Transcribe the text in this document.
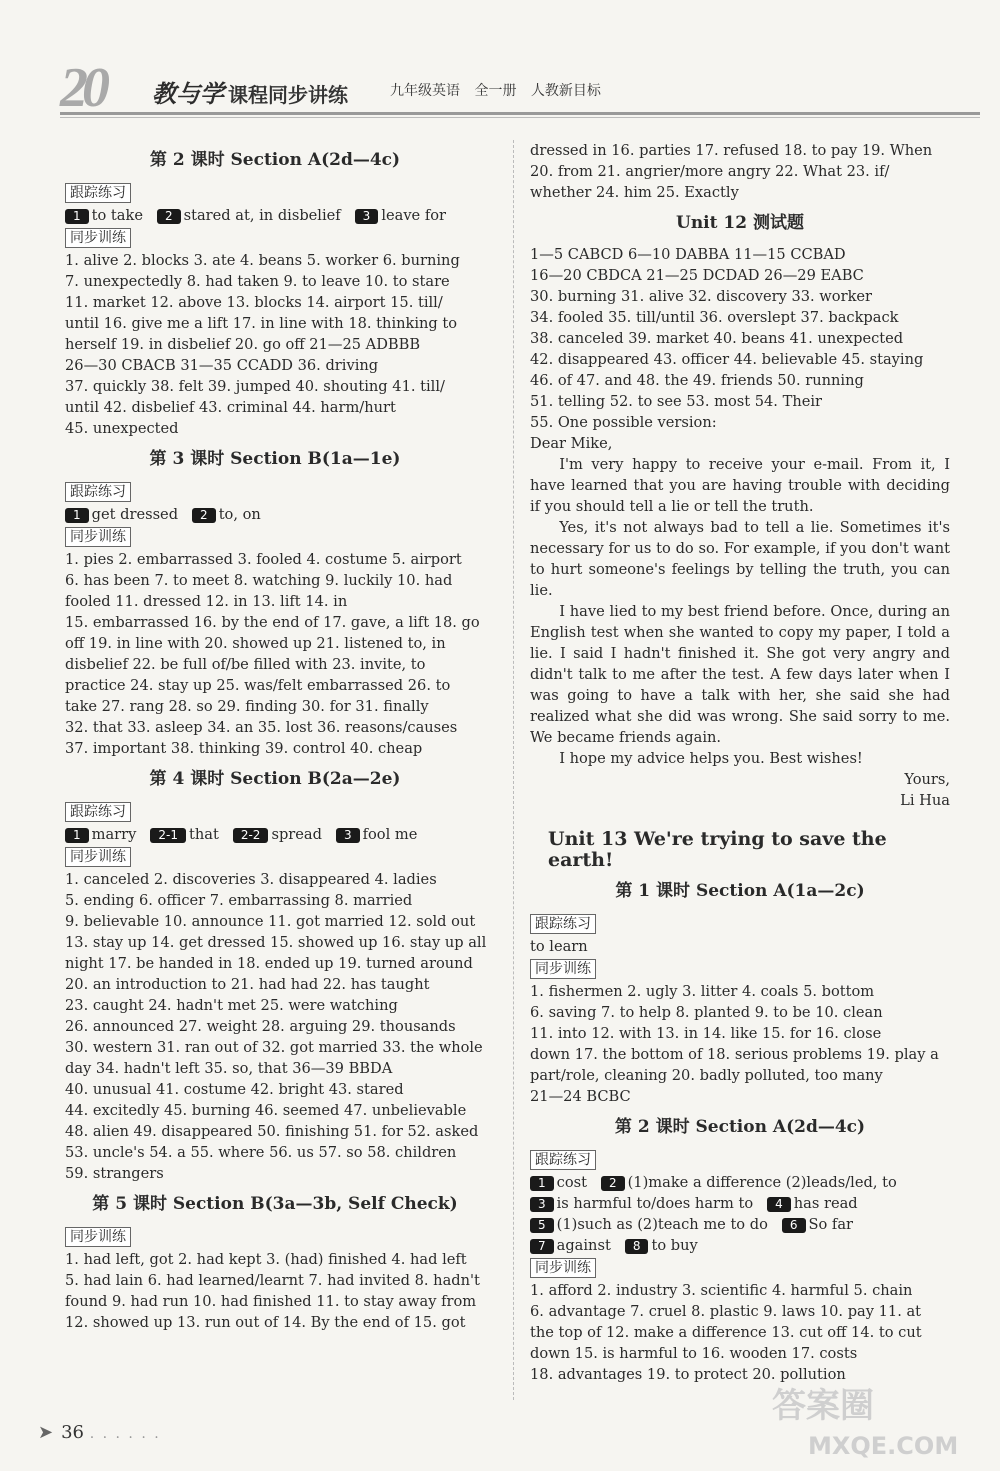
20 教与学 课程同步讲练	九年级英语 全一册 人教新目标
第 2 课时 Section A(2d—4c)
跟踪练习
1 to take 2 stared at, in disbelief 3 leave for
同步训练
1. alive 2. blocks 3. ate 4. beans 5. worker 6. burning
7. unexpectedly 8. had taken 9. to leave 10. to stare
11. market 12. above 13. blocks 14. airport 15. till/
until 16. give me a lift 17. in line with 18. thinking to
herself 19. in disbelief 20. go off 21—25 ADBBB
26—30 CBACB 31—35 CCADD 36. driving
37. quickly 38. felt 39. jumped 40. shouting 41. till/
until 42. disbelief 43. criminal 44. harm/hurt
45. unexpected
第 3 课时 Section B(1a—1e)
跟踪练习
1 get dressed 2 to, on
同步训练
1. pies 2. embarrassed 3. fooled 4. costume 5. airport
6. has been 7. to meet 8. watching 9. luckily 10. had
fooled 11. dressed 12. in 13. lift 14. in
15. embarrassed 16. by the end of 17. gave, a lift 18. go
off 19. in line with 20. showed up 21. listened to, in
disbelief 22. be full of/be filled with 23. invite, to
practice 24. stay up 25. was/felt embarrassed 26. to
take 27. rang 28. so 29. finding 30. for 31. finally
32. that 33. asleep 34. an 35. lost 36. reasons/causes
37. important 38. thinking 39. control 40. cheap
第 4 课时 Section B(2a—2e)
跟踪练习
1 marry 2-1 that 2-2 spread 3 fool me
同步训练
1. canceled 2. discoveries 3. disappeared 4. ladies
5. ending 6. officer 7. embarrassing 8. married
9. believable 10. announce 11. got married 12. sold out
13. stay up 14. get dressed 15. showed up 16. stay up all
night 17. be handed in 18. ended up 19. turned around
20. an introduction to 21. had had 22. has taught
23. caught 24. hadn't met 25. were watching
26. announced 27. weight 28. arguing 29. thousands
30. western 31. ran out of 32. got married 33. the whole
day 34. hadn't left 35. so, that 36—39 BBDA
40. unusual 41. costume 42. bright 43. stared
44. excitedly 45. burning 46. seemed 47. unbelievable
48. alien 49. disappeared 50. finishing 51. for 52. asked
53. uncle's 54. a 55. where 56. us 57. so 58. children
59. strangers
第 5 课时 Section B(3a—3b, Self Check)
同步训练
1. had left, got 2. had kept 3. (had) finished 4. had left
5. had lain 6. had learned/learnt 7. had invited 8. hadn't
found 9. had run 10. had finished 11. to stay away from
12. showed up 13. run out of 14. By the end of 15. got
dressed in 16. parties 17. refused 18. to pay 19. When
20. from 21. angrier/more angry 22. What 23. if/
whether 24. him 25. Exactly
Unit 12 测试题
1—5 CABCD 6—10 DABBA 11—15 CCBAD
16—20 CBDCA 21—25 DCDAD 26—29 EABC
30. burning 31. alive 32. discovery 33. worker
34. fooled 35. till/until 36. overslept 37. backpack
38. canceled 39. market 40. beans 41. unexpected
42. disappeared 43. officer 44. believable 45. staying
46. of 47. and 48. the 49. friends 50. running
51. telling 52. to see 53. most 54. Their
55. One possible version:
Dear Mike,
I'm very happy to receive your e-mail. From it, I have learned that you are having trouble with deciding if you should tell a lie or tell the truth.
Yes, it's not always bad to tell a lie. Sometimes it's necessary for us to do so. For example, if you don't want to hurt someone's feelings by telling the truth, you can lie.
I have lied to my best friend before. Once, during an English test when she wanted to copy my paper, I told a lie. I said I hadn't finished it. She got very angry and didn't talk to me after the test. A few days later when I was going to have a talk with her, she said she had realized what she did was wrong. She said sorry to me. We became friends again.
I hope my advice helps you. Best wishes!
Yours,
Li Hua
Unit 13 We're trying to save the earth!
第 1 课时 Section A(1a—2c)
跟踪练习
to learn
同步训练
1. fishermen 2. ugly 3. litter 4. coals 5. bottom
6. saving 7. to help 8. planted 9. to be 10. clean
11. into 12. with 13. in 14. like 15. for 16. close
down 17. the bottom of 18. serious problems 19. play a
part/role, cleaning 20. badly polluted, too many
21—24 BCBC
第 2 课时 Section A(2d—4c)
跟踪练习
1 cost 2 (1)make a difference (2)leads/led, to
3 is harmful to/does harm to 4 has read
5 (1)such as (2)teach me to do 6 So far
7 against 8 to buy
同步训练
1. afford 2. industry 3. scientific 4. harmful 5. chain
6. advantage 7. cruel 8. plastic 9. laws 10. pay 11. at
the top of 12. make a difference 13. cut off 14. to cut
down 15. is harmful to 16. wooden 17. costs
18. advantages 19. to protect 20. pollution
➤ 36 . . . . . .
答案圈
MXQE.COM
